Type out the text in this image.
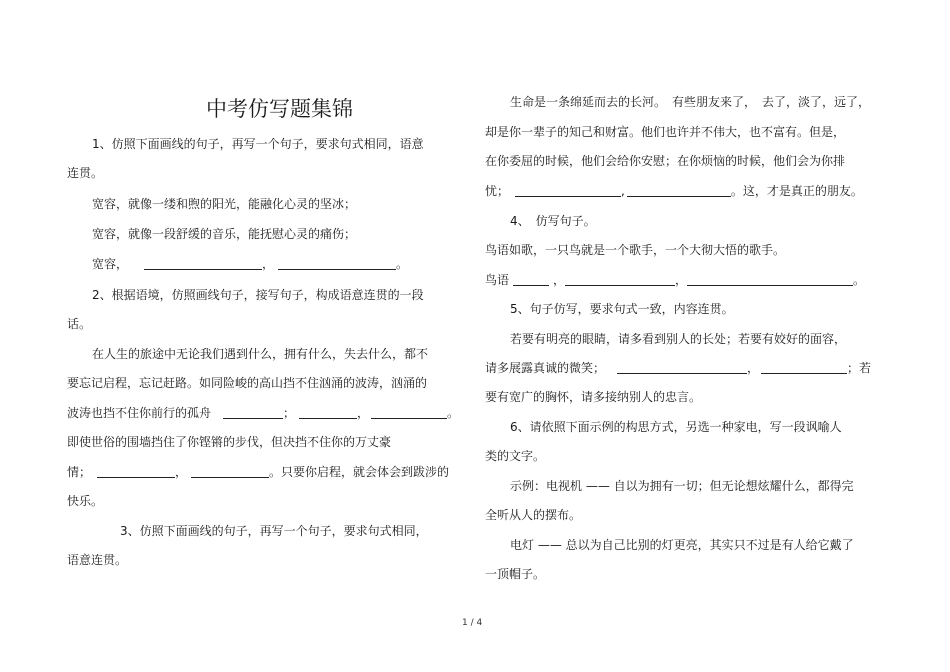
中考仿写题集锦

1、仿照下面画线的句子，再写一个句子，要求句式相同，语意

连贯。

宽容，就像一缕和煦的阳光，能融化心灵的坚冰；

宽容，就像一段舒缓的音乐，能抚慰心灵的痛伤；

宽容，	，	。

2、根据语境，仿照画线句子，接写句子，构成语意连贯的一段

话。

在人生的旅途中无论我们遇到什么，拥有什么，失去什么，都不

要忘记启程，忘记赶路。如同险峻的高山挡不住汹涌的波涛，汹涌的

波涛也挡不住你前行的孤舟	；	，	。

即使世俗的围墙挡住了你铿锵的步伐，但决挡不住你的万丈豪

情；	，	。只要你启程，就会体会到跋涉的

快乐。

3、仿照下面画线的句子，再写一个句子，要求句式相同，

语意连贯。

生命是一条绵延而去的长河。　有些朋友来了，　去了，淡了，远了，

却是你一辈子的知己和财富。他们也许并不伟大，也不富有。但是，

在你委屈的时候，他们会给你安慰；在你烦恼的时候，他们会为你排

忧；	,	。这，才是真正的朋友。

4、　仿写句子。

鸟语如歌，一只鸟就是一个歌手，一个大彻大悟的歌手。

鸟语	，	，	。

5、句子仿写，要求句式一致，内容连贯。

若要有明亮的眼睛，请多看到别人的长处；若要有姣好的面容，

请多展露真诚的微笑；	，	；若

要有宽广的胸怀，请多接纳别人的忠言。

6、请依照下面示例的构思方式，另选一种家电，写一段讽喻人

类的文字。

示例：电视机 —— 自以为拥有一切；但无论想炫耀什么，都得完

全听从人的摆布。

电灯 —— 总以为自己比别的灯更亮，其实只不过是有人给它戴了

一顶帽子。

1 / 4
